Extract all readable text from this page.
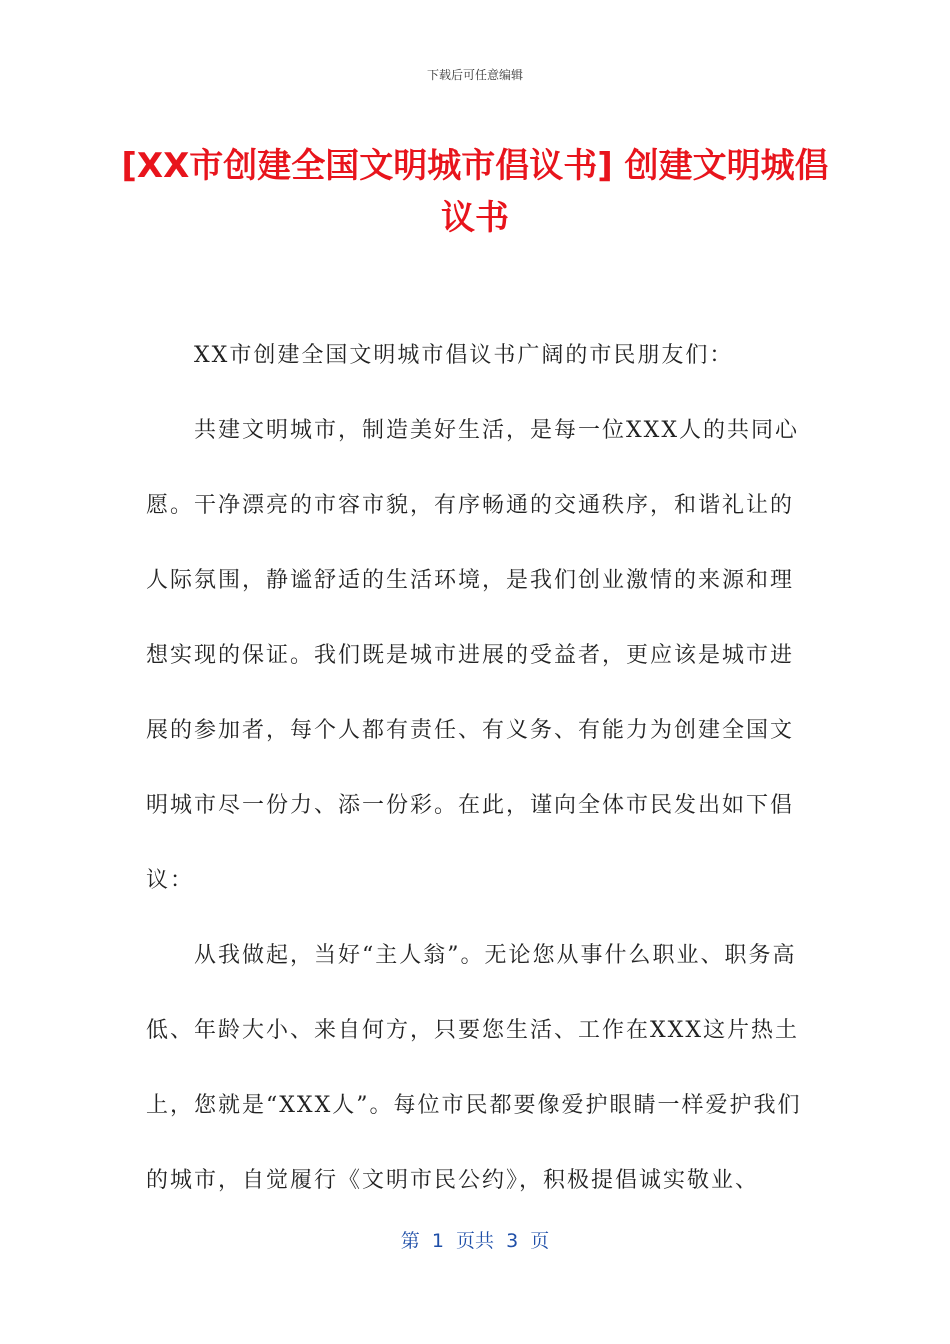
下载后可任意编辑
[XX市创建全国文明城市倡议书] 创建文明城倡议书

XX市创建全国文明城市倡议书广阔的市民朋友们：

共建文明城市，制造美好生活，是每一位XXX人的共同心愿。干净漂亮的市容市貌，有序畅通的交通秩序，和谐礼让的人际氛围，静谧舒适的生活环境，是我们创业激情的来源和理想实现的保证。我们既是城市进展的受益者，更应该是城市进展的参加者，每个人都有责任、有义务、有能力为创建全国文明城市尽一份力、添一份彩。在此，谨向全体市民发出如下倡议：

从我做起，当好“主人翁”。无论您从事什么职业、职务高低、年龄大小、来自何方，只要您生活、工作在XXX这片热土上，您就是“XXX人”。每位市民都要像爱护眼睛一样爱护我们的城市，自觉履行《文明市民公约》，积极提倡诚实敬业、

第  1  页共  3  页
